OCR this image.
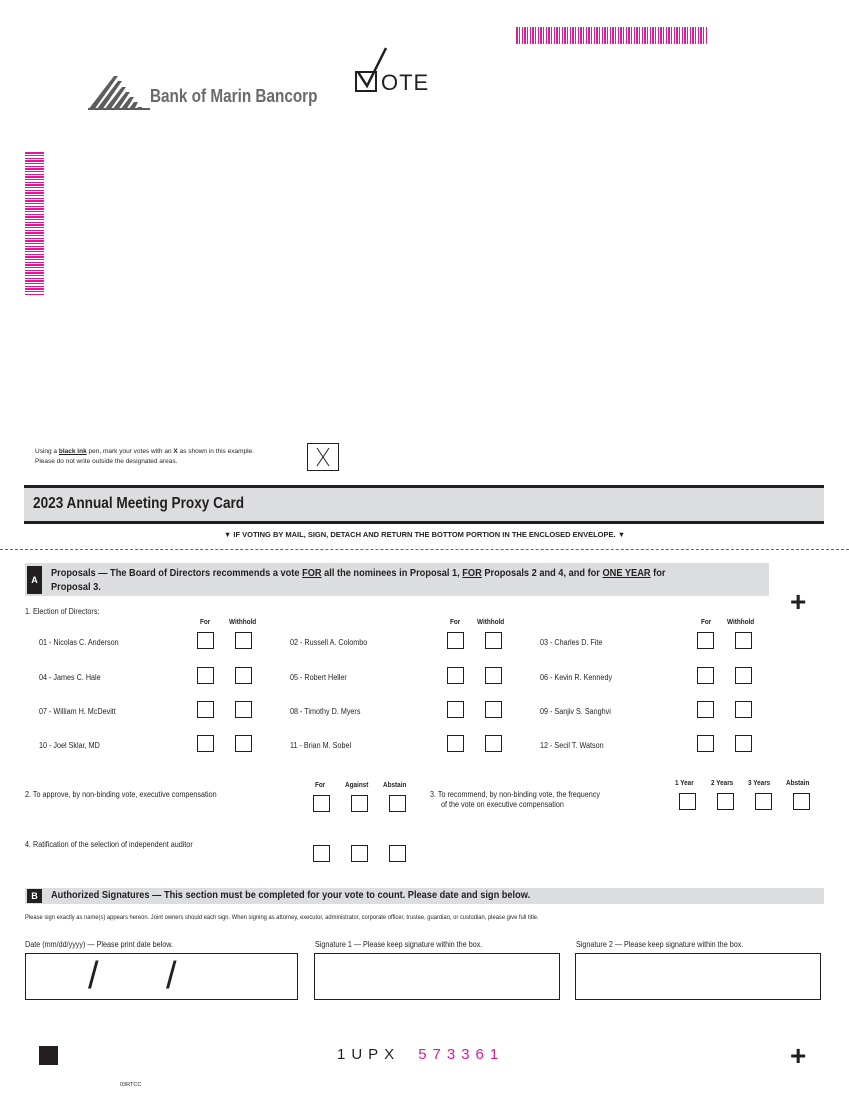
Bank of Marin Bancorp
OTE
Using a black ink pen, mark your votes with an X as shown in this example.
Please do not write outside the designated areas.
2023 Annual Meeting Proxy Card
▼ IF VOTING BY MAIL, SIGN, DETACH AND RETURN THE BOTTOM PORTION IN THE ENCLOSED ENVELOPE. ▼
A
Proposals — The Board of Directors recommends a vote FOR all the nominees in Proposal 1, FOR Proposals 2 and 4, and for ONE YEAR for
Proposal 3.	+
1. Election of Directors:
For Withhold	For Withhold	For Withhold
01 - Nicolas C. Anderson	02 - Russell A. Colombo	03 - Charles D. Fite
04 - James C. Hale	05 - Robert Heller	06 - Kevin R. Kennedy
07 - William H. McDevitt	08 - Timothy D. Myers	09 - Sanjiv S. Sanghvi
10 - Joel Sklar, MD	11 - Brian M. Sobel	12 - Secil T. Watson
2. To approve, by non-binding vote, executive compensation
For	Against Abstain
3. To recommend, by non-binding vote, the frequency
of the vote on executive compensation
1 Year 2 Years 3 Years Abstain
4. Ratification of the selection of independent auditor
B	Authorized Signatures — This section must be completed for your vote to count. Please date and sign below.
Please sign exactly as name(s) appears hereon. Joint owners should each sign. When signing as attorney, executor, administrator, corporate officer, trustee, guardian, or custodian, please give full title.
Date (mm/dd/yyyy) — Please print date below.	Signature 1 — Please keep signature within the box.	Signature 2 — Please keep signature within the box.
/ /
1UPX 573361	+
03RTCC
